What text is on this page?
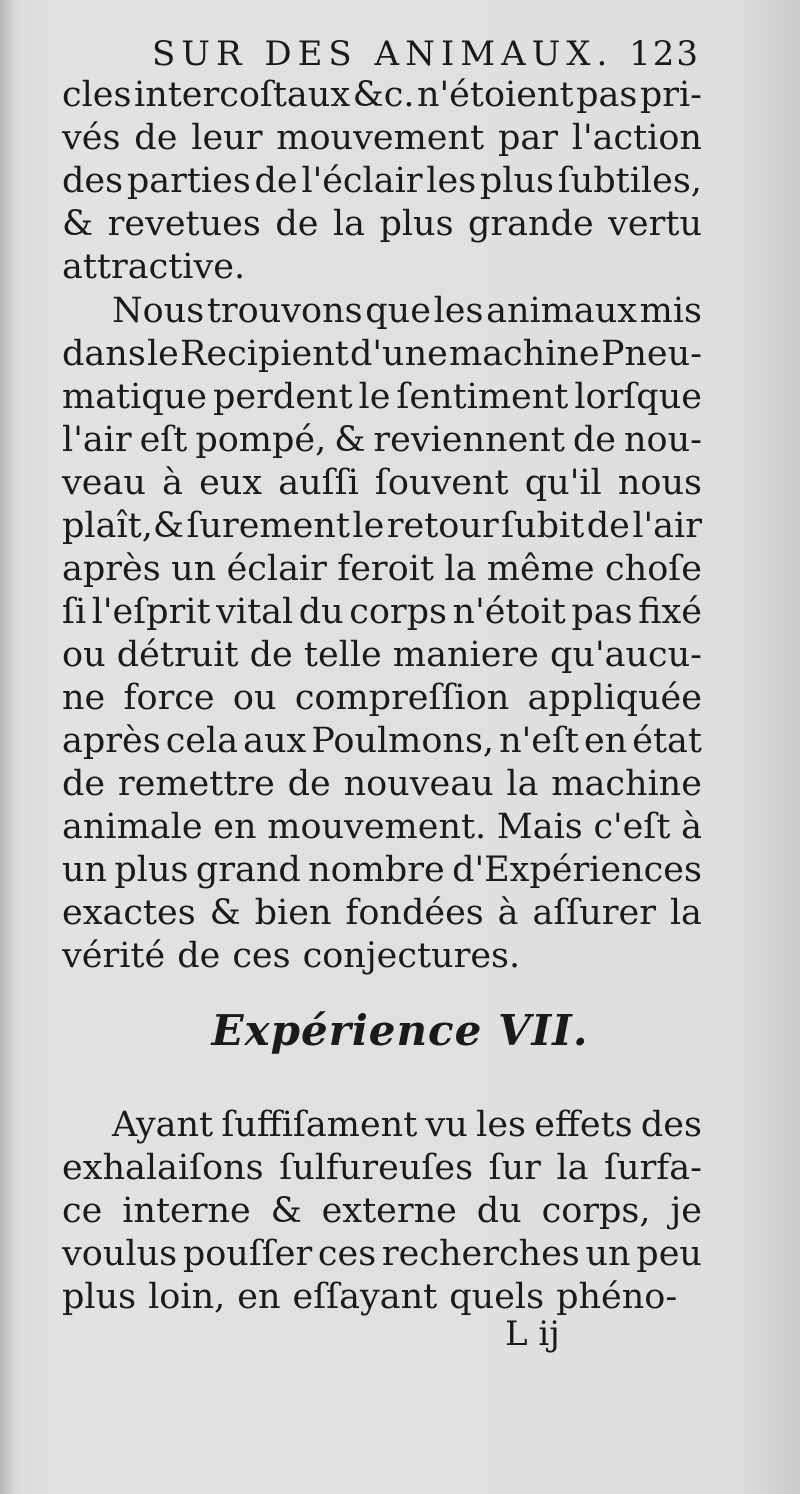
SUR DES ANIMAUX. 123
cles intercoſtaux &c. n'étoient pas pri-
vés de leur mouvement par l'action
des parties de l'éclair les plus ſubtiles,
& revetues de la plus grande vertu
attractive.
Nous trouvons que les animaux mis
dans le Recipient d'une machine Pneu-
matique perdent le ſentiment lorſque
l'air eſt pompé, & reviennent de nou-
veau à eux auſſi ſouvent qu'il nous
plaît,& ſurement le retour ſubit de l'air
après un éclair feroit la même choſe
ſi l'eſprit vital du corps n'étoit pas fixé
ou détruit de telle maniere qu'aucu-
ne force ou compreſſion appliquée
après cela aux Poulmons, n'eſt en état
de remettre de nouveau la machine
animale en mouvement. Mais c'eſt à
un plus grand nombre d'Expériences
exactes & bien fondées à aſſurer la
vérité de ces conjectures.
Expérience VII.
Ayant ſuffiſament vu les effets des
exhalaiſons ſulfureuſes ſur la ſurfa-
ce interne & externe du corps, je
voulus pouſſer ces recherches un peu
plus loin, en eſſayant quels phéno-
L ij
